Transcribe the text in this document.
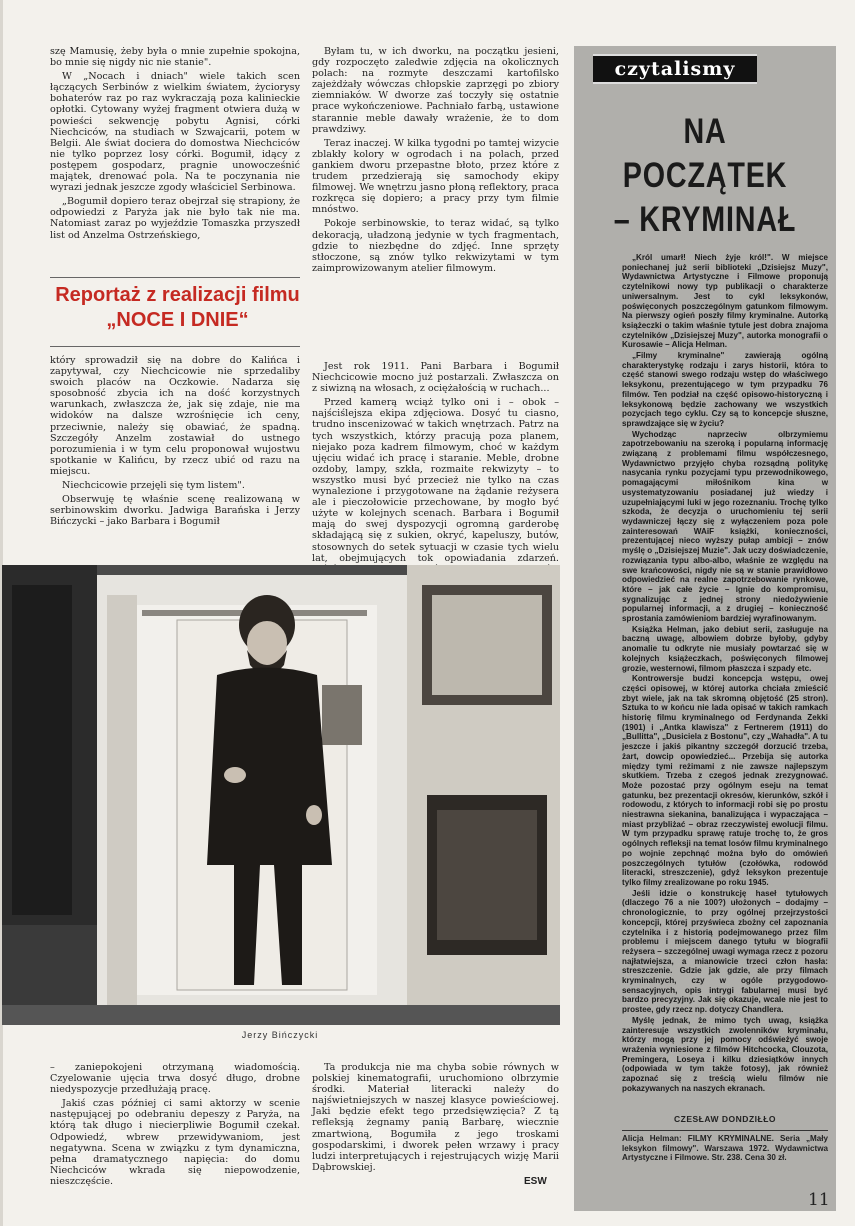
szę Mamusię, żeby była o mnie zupełnie spokojna, bo mnie się nigdy nic nie stanie".

W „Nocach i dniach" wiele takich scen łączących Serbinów z wielkim światem, życiorysy bohaterów raz po raz wykraczają poza kalinieckie opłotki. Cytowany wyżej fragment otwiera dużą w powieści sekwencję pobytu Agnisi, córki Niechciców, na studiach w Szwajcarii, potem w Belgii. Ale świat dociera do domostwa Niechciców nie tylko poprzez losy córki. Bogumił, idący z postępem gospodarz, pragnie unowocześnić majątek, drenować pola. Na te poczynania nie wyrazi jednak jeszcze zgody właściciel Serbinowa.

„Bogumił dopiero teraz obejrzał się strapiony, że odpowiedzi z Paryża jak nie było tak nie ma. Natomiast zaraz po wyjeździe Tomaszka przyszedł list od Anzelma Ostrzeńskiego,

Byłam tu, w ich dworku, na początku jesieni, gdy rozpoczęto zaledwie zdjęcia na okolicznych polach: na rozmyte deszczami kartofilsko zajeżdżały wówczas chłopskie zaprzęgi po zbiory ziemniaków. W dworze zaś toczyły się ostatnie prace wykończeniowe. Pachniało farbą, ustawione starannie meble dawały wrażenie, że to dom prawdziwy.

Teraz inaczej. W kilka tygodni po tamtej wizycie zblakły kolory w ogrodach i na polach, przed gankiem dworu przepastne błoto, przez które z trudem przedzierają się samochody ekipy filmowej. We wnętrzu jasno płoną reflektory, praca rozkręca się dopiero; a pracy przy tym filmie mnóstwo.

Pokoje serbinowskie, to teraz widać, są tylko dekoracją, uładzoną jedynie w tych fragmentach, gdzie to niezbędne do zdjęć. Inne sprzęty stłoczone, są znów tylko rekwizytami w tym zaimprowizowanym atelier filmowym.

Reportaż z realizacji filmu „NOCE I DNIE“

który sprowadził się na dobre do Kalińca i zapytywał, czy Niechcicowie nie sprzedaliby swoich placów na Oczkowie. Nadarza się sposobność zbycia ich na dość korzystnych warunkach, zwłaszcza że, jak się zdaje, nie ma widoków na dalsze wzrośnięcie ich ceny, przeciwnie, należy się obawiać, że spadną. Szczegóły Anzelm zostawiał do ustnego porozumienia i w tym celu proponował wujostwu spotkanie w Kalińcu, by rzecz ubić od razu na miejscu.

Niechcicowie przejęli się tym listem".

Obserwuję tę właśnie scenę realizowaną w serbinowskim dworku. Jadwiga Barańska i Jerzy Bińczycki – jako Barbara i Bogumił

Jest rok 1911. Pani Barbara i Bogumił Niechcicowie mocno już postarzali. Zwłaszcza on z siwizną na włosach, z ociężałością w ruchach...

Przed kamerą wciąż tylko oni i – obok – najściślejsza ekipa zdjęciowa. Dosyć tu ciasno, trudno inscenizować w takich wnętrzach. Patrz na tych wszystkich, którzy pracują poza planem, niejako poza kadrem filmowym, choć w każdym ujęciu widać ich pracę i staranie. Meble, drobne ozdoby, lampy, szkła, rozmaite rekwizyty – to wszystko musi być przecież nie tylko na czas wynalezione i przygotowane na żądanie reżysera ale i pieczołowicie przechowane, by mogło być użyte w kolejnych scenach. Barbara i Bogumił mają do swej dyspozycji ogromną garderobę składającą się z sukien, okryć, kapeluszy, butów, stosownych do setek sytuacji w czasie tych wielu lat, obejmujących tok opowiadania zdarzeń.

Jerzy Bińczycki

– zaniepokojeni otrzymaną wiadomością. Czyelowanie ujęcia trwa dosyć długo, drobne niedyspozycje przedłużają pracę.

Jakiś czas później ci sami aktorzy w scenie następującej po odebraniu depeszy z Paryża, na którą tak długo i niecierpliwie Bogumił czekał. Odpowiedź, wbrew przewidywaniom, jest negatywna. Scena w związku z tym dynamiczna, pełna dramatycznego napięcia: do domu Niechciców wkrada się niepowodzenie, nieszczęście.

Ta produkcja nie ma chyba sobie równych w polskiej kinematografii, uruchomiono olbrzymie środki. Materiał literacki należy do najświetniejszych w naszej klasyce powieściowej. Jaki będzie efekt tego przedsięwzięcia? Z tą refleksją żegnamy panią Barbarę, wiecznie zmartwioną, Bogumiła z jego troskami gospodarskimi, i dworek pełen wrzawy i pracy ludzi interpretujących i rejestrujących wizję Marii Dąbrowskiej.

ESW
czytalismy
NA POCZĄTEK
– KRYMINAŁ

„Król umarł! Niech żyje król!". W miejsce poniechanej już serii biblioteki „Dzisiejsz Muzy", Wydawnictwa Artystyczne i Filmowe proponują czytelnikowi nowy typ publikacji o charakterze uniwersalnym. Jest to cykl leksykonów, poświęconych poszczególnym gatunkom filmowym. Na pierwszy ogień poszły filmy kryminalne. Autorką książeczki o takim właśnie tytule jest dobra znajoma czytelników „Dzisiejszej Muzy", autorka monografii o Kurosawie – Alicja Helman.

„Filmy kryminalne" zawierają ogólną charakterystykę rodzaju i zarys historii, która to część stanowi swego rodzaju wstęp do właściwego leksykonu, prezentującego w tym przypadku 76 filmów. Ten podział na część opisowo-historyczną i leksykonową będzie zachowany we wszystkich pozycjach tego cyklu. Czy są to koncepcje słuszne, sprawdzające się w życiu?

Wychodząc naprzeciw olbrzymiemu zapotrzebowaniu na szeroką i popularną informację związaną z problemami filmu współczesnego, Wydawnictwo przyjęło chyba rozsądną politykę nasycania rynku pozycjami typu przewodnikowego, pomagającymi miłośnikom kina w usystematyzowaniu posiadanej już wiedzy i uzupełniającymi luki w jego rozeznaniu. Trochę tylko szkoda, że decyzja o uruchomieniu tej serii wydawniczej łączy się z wyłączeniem poza pole zainteresowań WAiF książki, konieczności, prezentującej nieco wyższy pułap ambicji – znów myślę o „Dzisiejszej Muzie". Jak uczy doświadczenie, rozwiązania typu albo-albo, właśnie ze względu na swe krańcowości, nigdy nie są w stanie prawidłowo odpowiedzieć na realne zapotrzebowanie rynkowe, które – jak całe życie – lgnie do kompromisu, sygnalizując z jednej strony niedożywienie popularnej informacji, a z drugiej – konieczność sprostania zamówieniom bardziej wyrafinowanym.

Książka Helman, jako debiut serii, zasługuje na baczną uwagę, albowiem dobrze byłoby, gdyby anomalie tu odkryte nie musiały powtarzać się w kolejnych książeczkach, poświęconych filmowej grozie, westernowi, filmom płaszcza i szpady etc.

Kontrowersje budzi koncepcja wstępu, owej części opisowej, w której autorka chciała zmieścić zbyt wiele, jak na tak skromną objętość (25 stron). Sztuka to w końcu nie lada opisać w takich ramkach historię filmu kryminalnego od Ferdynanda Zekki (1901) i „Antka klawisza" z Fertnerem (1911) do „Bullitta", „Dusiciela z Bostonu", czy „Wahadła". A tu jeszcze i jakiś pikantny szczegół dorzucić trzeba, żart, dowcip opowiedzieć... Przebija się autorka między tymi reżimami z nie zawsze najlepszym skutkiem. Trzeba z czegoś jednak zrezygnować. Może pozostać przy ogólnym eseju na temat gatunku, bez prezentacji okresów, kierunków, szkół i rodowodu, z których to informacji robi się po prostu niestrawna siekanina, banalizująca i wypaczająca – miast przybliżać – obraz rzeczywistej ewolucji filmu. W tym przypadku sprawę ratuje trochę to, że gros ogólnych refleksji na temat losów filmu kryminalnego po wojnie zepchnąć można było do omówień poszczególnych tytułów (czołówka, rodowód literacki, streszczenie), gdyż leksykon prezentuje tylko filmy zrealizowane po roku 1945.

Jeśli idzie o konstrukcję haseł tytułowych (dlaczego 76 a nie 100?) ułożonych – dodajmy – chronologicznie, to przy ogólnej przejrzystości koncepcji, której przyświeca zbożny cel zapoznania czytelnika i z historią podejmowanego przez film problemu i miejscem danego tytułu w biografii reżysera – szczególnej uwagi wymaga rzecz z pozoru najłatwiejsza, a mianowicie trzeci człon hasła: streszczenie. Gdzie jak gdzie, ale przy filmach kryminalnych, czy w ogóle przygodowo-sensacyjnych, opis intrygi fabularnej musi być bardzo precyzyjny. Jak się okazuje, wcale nie jest to prostee, gdy rzecz np. dotyczy Chandlera.

Myślę jednak, że mimo tych uwag, książka zainteresuje wszystkich zwolenników kryminału, którzy mogą przy jej pomocy odświeżyć swoje wrażenia wyniesione z filmów Hitchcocka, Clouzota, Premingera, Loseya i kilku dziesiątków innych (odpowiada w tym także fotosy), jak również zapoznać się z treścią wielu filmów nie pokazywanych na naszych ekranach.

CZESŁAW DONDZIŁŁO
Alicja Helman: FILMY KRYMINALNE. Seria „Mały leksykon filmowy". Warszawa 1972. Wydawnictwa Artystyczne i Filmowe. Str. 238. Cena 30 zł.
11
